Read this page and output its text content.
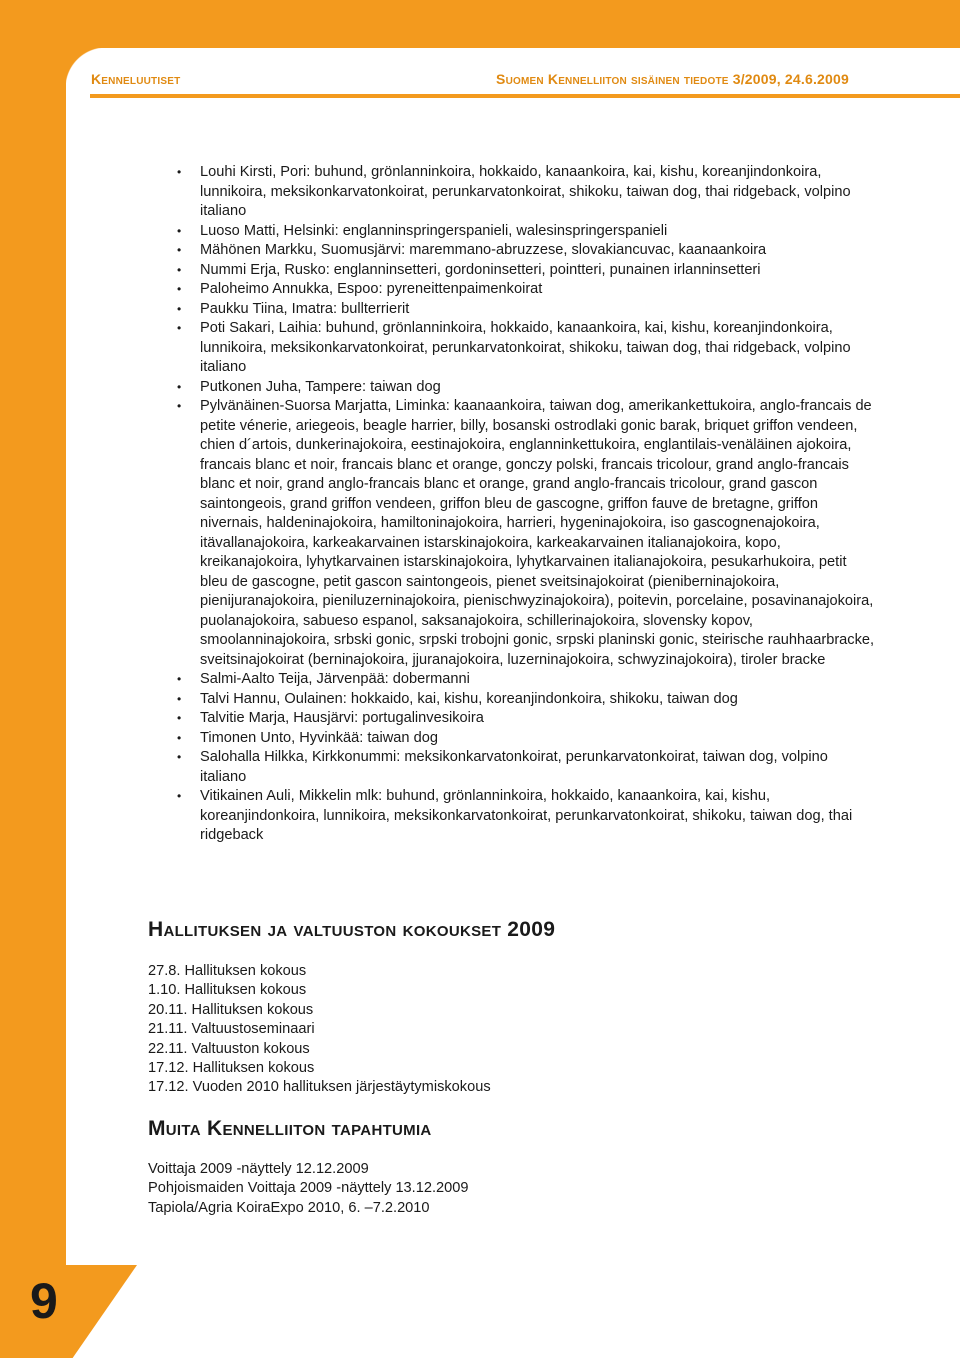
Kenneluutiset	Suomen Kennelliiton sisäinen tiedote 3/2009, 24.6.2009
• Louhi Kirsti, Pori: buhund, grönlanninkoira, hokkaido, kanaankoira, kai, kishu, koreanjindonkoira, lunnikoira, meksikonkarvatonkoirat, perunkarvatonkoirat, shikoku, taiwan dog, thai ridgeback, volpino italiano
• Luoso Matti, Helsinki: englanninspringerspanieli, walesinspringerspanieli
• Mähönen Markku, Suomusjärvi: maremmano-abruzzese, slovakiancuvac, kaanaankoira
• Nummi Erja, Rusko: englanninsetteri, gordoninsetteri, pointteri, punainen irlanninsetteri
• Paloheimo Annukka, Espoo: pyreneittenpaimenkoirat
• Paukku Tiina, Imatra: bullterrierit
• Poti Sakari, Laihia: buhund, grönlanninkoira, hokkaido, kanaankoira, kai, kishu, koreanjindonkoira, lunnikoira, meksikonkarvatonkoirat, perunkarvatonkoirat, shikoku, taiwan dog, thai ridgeback, volpino italiano
• Putkonen Juha, Tampere: taiwan dog
• Pylvänäinen-Suorsa Marjatta, Liminka: kaanaankoira, taiwan dog, amerikankettukoira, anglo-francais de petite vénerie, ariegeois, beagle harrier, billy, bosanski ostrodlaki gonic barak, briquet griffon vendeen, chien d´artois, dunkerinajokoira, eestinajokoira, englanninkettukoira, englantilais-venäläinen ajokoira, francais blanc et noir, francais blanc et orange, gonczy polski, francais tricolour, grand anglo-francais blanc et noir, grand anglo-francais blanc et orange, grand anglo-francais tricolour, grand gascon saintongeois, grand griffon vendeen, griffon bleu de gascogne, griffon fauve de bretagne, griffon nivernais, haldeninajokoira, hamiltoninajokoira, harrieri, hygeninajokoira, iso gascognenajokoira, itävallanajokoira, karkeakarvainen istarskinajokoira, karkeakarvainen italianajokoira, kopo, kreikanajokoira, lyhytkarvainen istarskinajokoira, lyhytkarvainen italianajokoira, pesukarhukoira, petit bleu de gascogne, petit gascon saintongeois, pienet sveitsinajokoirat (pieniberninajokoira, pienijuranajokoira, pieniluzerninajokoira, pienischwyzinajokoira), poitevin, porcelaine, posavinanajokoira, puolanajokoira, sabueso espanol, saksanajokoira, schillerinajokoira, slovensky kopov, smoolanninajokoira, srbski gonic, srpski trobojni gonic, srpski planinski gonic, steirische rauhhaarbracke, sveitsinajokoirat (berninajokoira, jjuranajokoira, luzerninajokoira, schwyzinajokoira), tiroler bracke
• Salmi-Aalto Teija, Järvenpää: dobermanni
• Talvi Hannu, Oulainen: hokkaido, kai, kishu, koreanjindonkoira, shikoku, taiwan dog
• Talvitie Marja, Hausjärvi: portugalinvesikoira
• Timonen Unto, Hyvinkää: taiwan dog
• Salohalla Hilkka, Kirkkonummi: meksikonkarvatonkoirat, perunkarvatonkoirat, taiwan dog, volpino italiano
• Vitikainen Auli, Mikkelin mlk: buhund, grönlanninkoira, hokkaido, kanaankoira, kai, kishu, koreanjindonkoira, lunnikoira, meksikonkarvatonkoirat, perunkarvatonkoirat, shikoku, taiwan dog, thai ridgeback
Hallituksen ja valtuuston kokoukset 2009
27.8. Hallituksen kokous
1.10. Hallituksen kokous
20.11. Hallituksen kokous
21.11. Valtuustoseminaari
22.11. Valtuuston kokous
17.12. Hallituksen kokous
17.12. Vuoden 2010 hallituksen järjestäytymiskokous
Muita Kennelliiton tapahtumia
Voittaja 2009 -näyttely 12.12.2009
Pohjoismaiden Voittaja 2009 -näyttely 13.12.2009
Tapiola/Agria KoiraExpo 2010, 6. –7.2.2010
9
